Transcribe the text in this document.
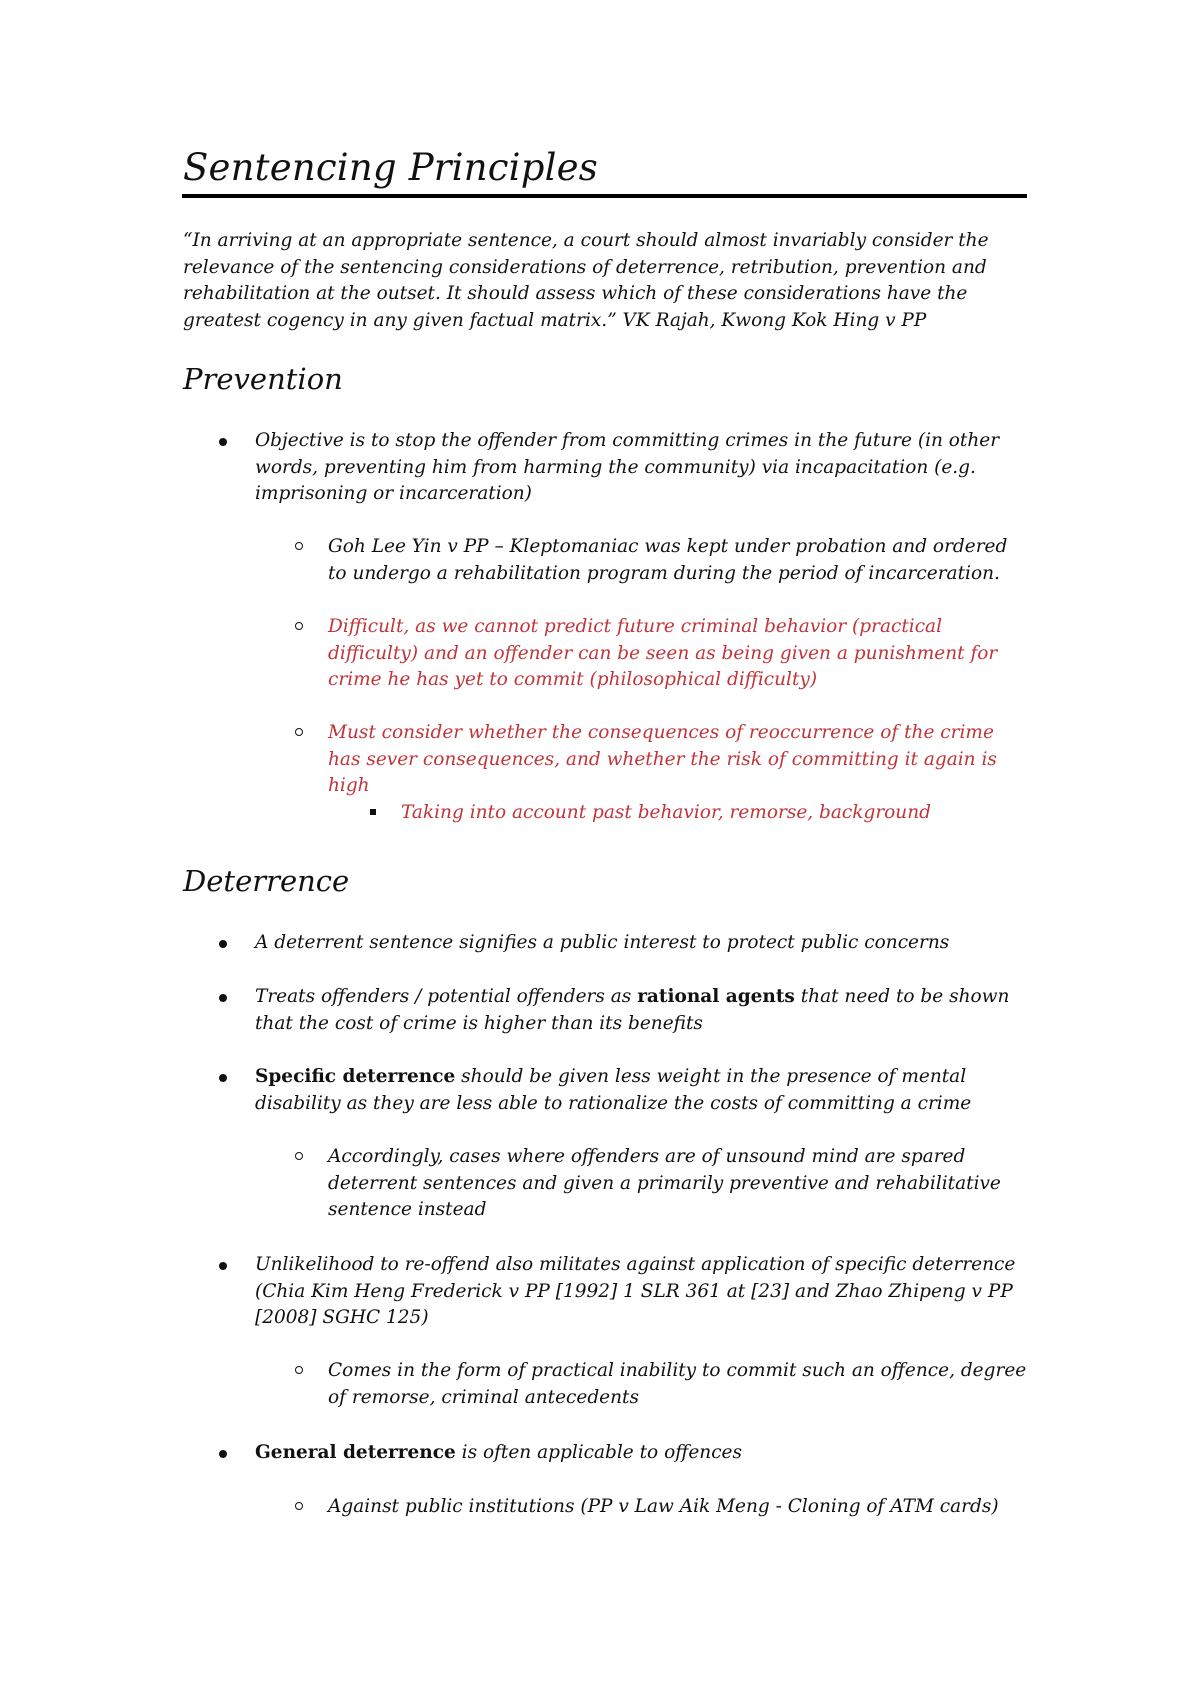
Sentencing Principles
“In arriving at an appropriate sentence, a court should almost invariably consider the relevance of the sentencing considerations of deterrence, retribution, prevention and rehabilitation at the outset. It should assess which of these considerations have the greatest cogency in any given factual matrix.” VK Rajah, Kwong Kok Hing v PP
Prevention
Objective is to stop the offender from committing crimes in the future (in other words, preventing him from harming the community) via incapacitation (e.g. imprisoning or incarceration)
Goh Lee Yin v PP – Kleptomaniac was kept under probation and ordered to undergo a rehabilitation program during the period of incarceration.
Difficult, as we cannot predict future criminal behavior (practical difficulty) and an offender can be seen as being given a punishment for crime he has yet to commit (philosophical difficulty)
Must consider whether the consequences of reoccurrence of the crime has sever consequences, and whether the risk of committing it again is high
Taking into account past behavior, remorse, background
Deterrence
A deterrent sentence signifies a public interest to protect public concerns
Treats offenders / potential offenders as rational agents that need to be shown that the cost of crime is higher than its benefits
Specific deterrence should be given less weight in the presence of mental disability as they are less able to rationalize the costs of committing a crime
Accordingly, cases where offenders are of unsound mind are spared deterrent sentences and given a primarily preventive and rehabilitative sentence instead
Unlikelihood to re-offend also militates against application of specific deterrence (Chia Kim Heng Frederick v PP [1992] 1 SLR 361 at [23] and Zhao Zhipeng v PP [2008] SGHC 125)
Comes in the form of practical inability to commit such an offence, degree of remorse, criminal antecedents
General deterrence is often applicable to offences
Against public institutions (PP v Law Aik Meng - Cloning of ATM cards)
